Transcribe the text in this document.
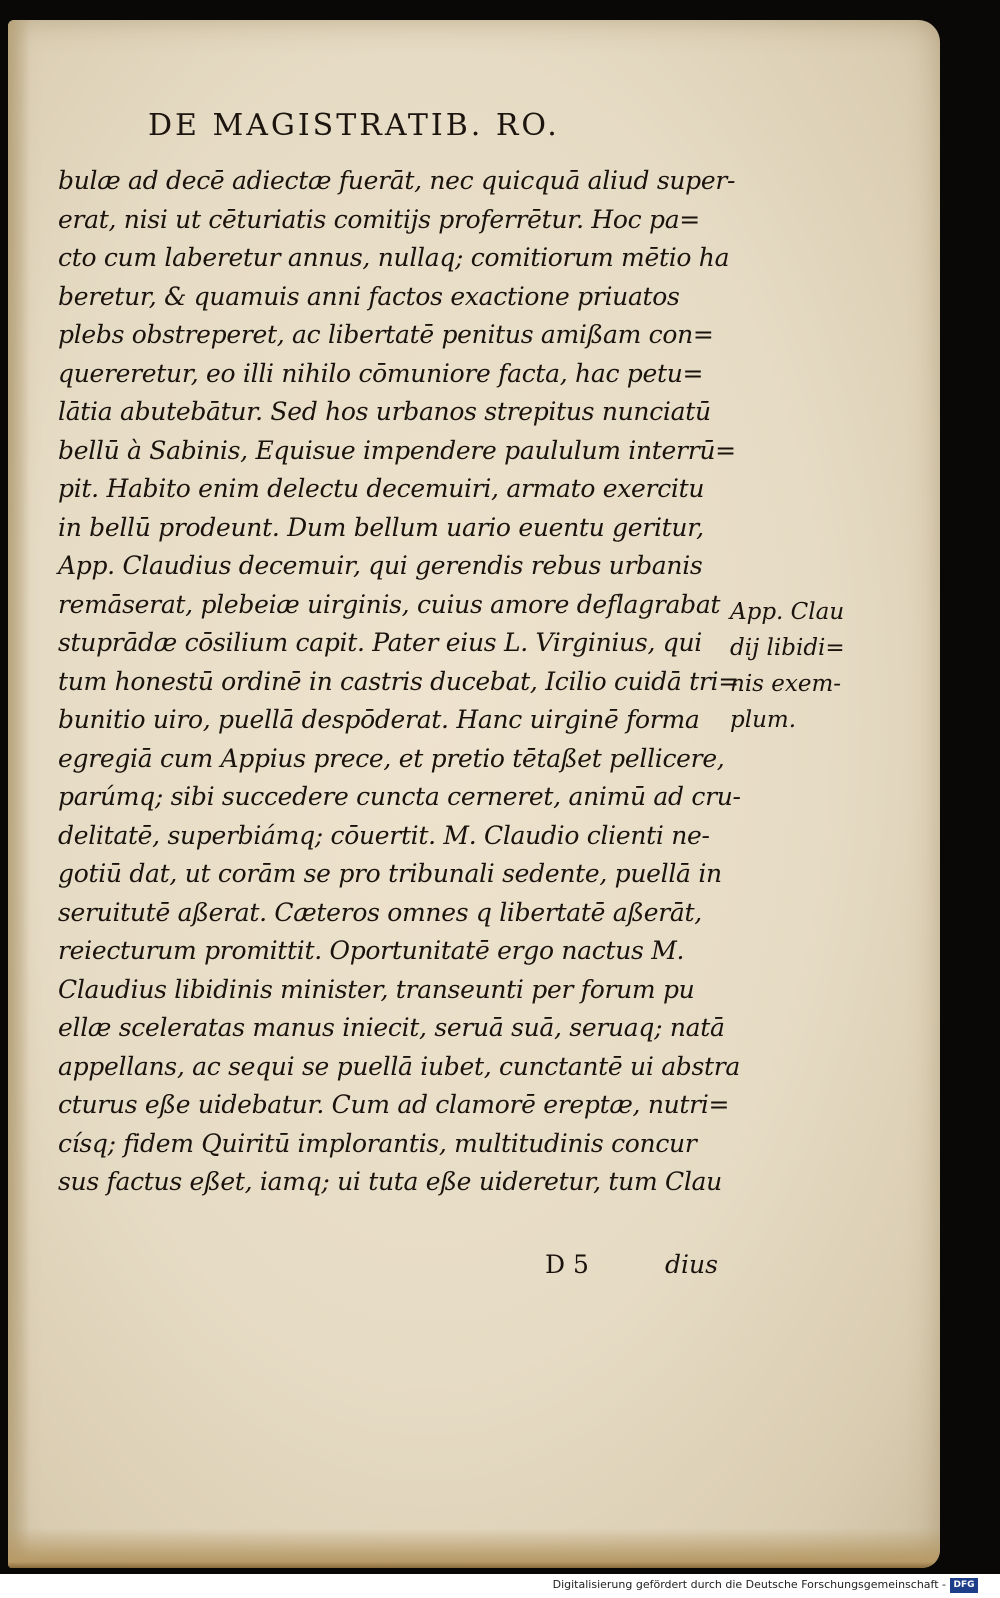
DE MAGISTRATIB. RO.
bulæ ad decē adiectæ fuerāt, nec quicquā aliud super-
erat, nisi ut cēturiatis comitijs proferrētur. Hoc pa=
cto cum laberetur annus, nullaq; comitiorum mētio ha
beretur, & quamuis anni factos exactione priuatos
plebs obstreperet, ac libertatē penitus amißam con=
quereretur, eo illi nihilo cōmuniore facta, hac petu=
lātia abutebātur. Sed hos urbanos strepitus nunciatū
bellū à Sabinis, Equisue impendere paululum interrū=
pit. Habito enim delectu decemuiri, armato exercitu
in bellū prodeunt. Dum bellum uario euentu geritur,
App. Claudius decemuir, qui gerendis rebus urbanis
remāserat, plebeiæ uirginis, cuius amore deflagrabat
stuprādæ cōsilium capit. Pater eius L. Virginius, qui
tum honestū ordinē in castris ducebat, Icilio cuidā tri=
bunitio uiro, puellā despōderat. Hanc uirginē forma
egregiā cum Appius prece, et pretio tētaßet pellicere,
parúmq; sibi succedere cuncta cerneret, animū ad cru-
delitatē, superbiámq; cōuertit. M. Claudio clienti ne-
gotiū dat, ut corām se pro tribunali sedente, puellā in
seruitutē aßerat. Cæteros omnes q libertatē aßerāt,
reiecturum promittit. Oportunitatē ergo nactus M.
Claudius libidinis minister, transeunti per forum pu
ellæ sceleratas manus iniecit, seruā suā, seruaq; natā
appellans, ac sequi se puellā iubet, cunctantē ui abstra
cturus eße uidebatur. Cum ad clamorē ereptæ, nutri=
císq; fidem Quiritū implorantis, multitudinis concur
sus factus eßet, iamq; ui tuta eße uideretur, tum Clau
App. Clau
dij libidi=
nis exem-
plum.
D 5	dius
Digitalisierung gefördert durch die Deutsche Forschungsgemeinschaft - DFG
